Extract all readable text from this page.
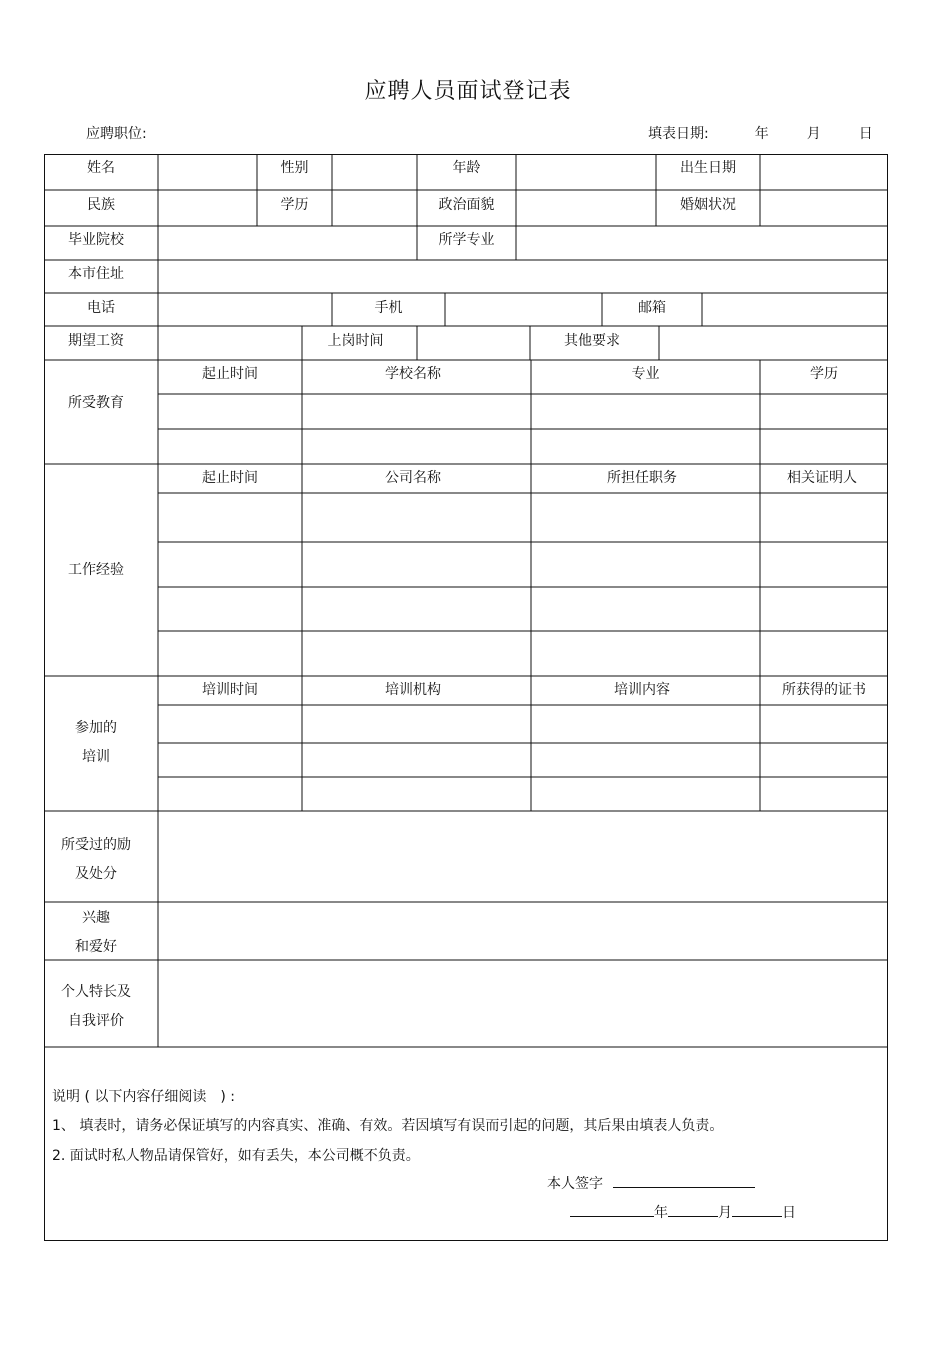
应聘人员面试登记表
应聘职位:	填表日期:	年	月	日
姓名	性别	年龄	出生日期
民族	学历	政治面貌	婚姻状况
毕业院校	所学专业
本市住址
电话	手机	邮箱
期望工资	上岗时间	其他要求
所受教育
起止时间	学校名称	专业	学历
工作经验
起止时间	公司名称	所担任职务	相关证明人
参加的
培训
培训时间	培训机构	培训内容	所获得的证书
所受过的励
及处分
兴趣
和爱好
个人特长及
自我评价
说明 ( 以下内容仔细阅读　) :
1、 填表时，请务必保证填写的内容真实、准确、有效。若因填写有误而引起的问题，其后果由填表人负责。
2. 面试时私人物品请保管好，如有丢失，本公司概不负责。
本人签字
年	月	日
